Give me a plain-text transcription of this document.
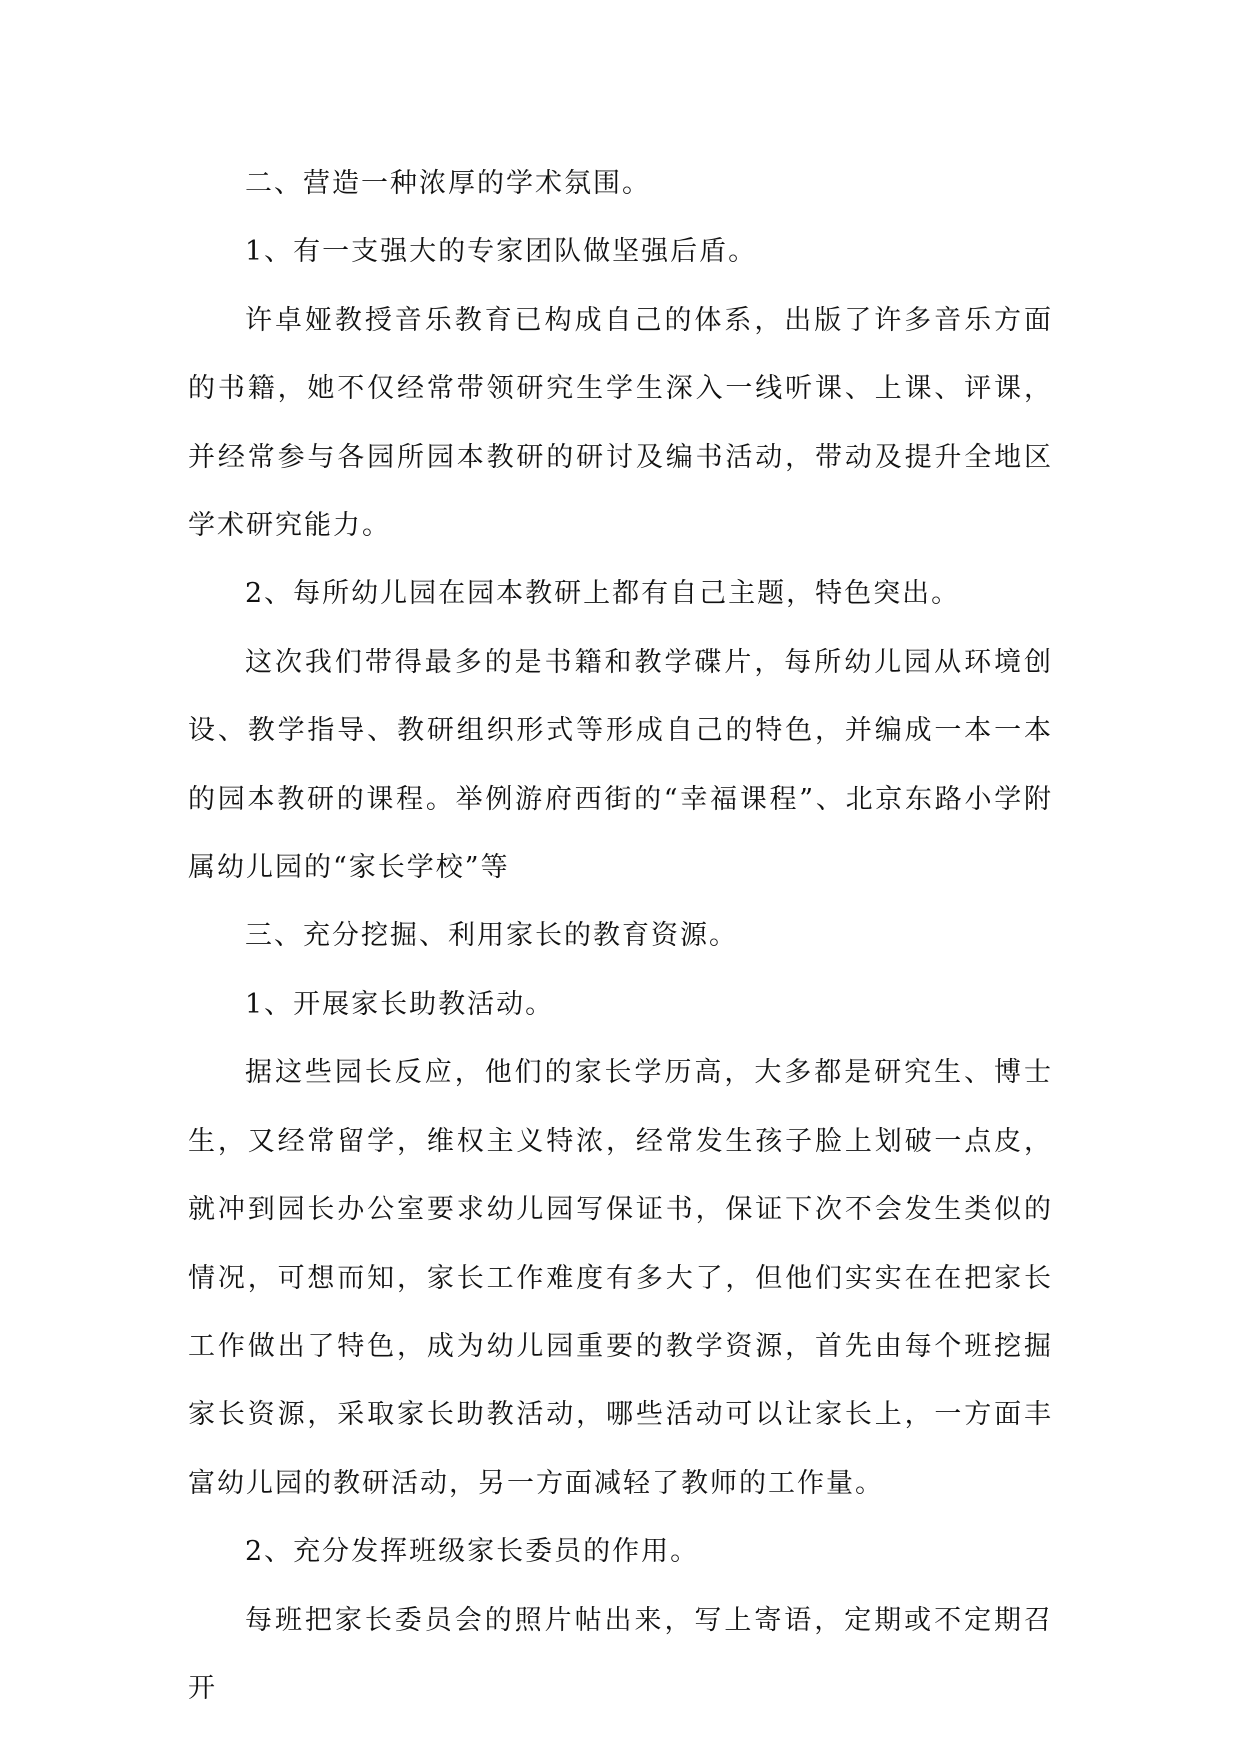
二、营造一种浓厚的学术氛围。

1、有一支强大的专家团队做坚强后盾。

许卓娅教授音乐教育已构成自己的体系，出版了许多音乐方面的书籍，她不仅经常带领研究生学生深入一线听课、上课、评课，并经常参与各园所园本教研的研讨及编书活动，带动及提升全地区学术研究能力。

2、每所幼儿园在园本教研上都有自己主题，特色突出。

这次我们带得最多的是书籍和教学碟片，每所幼儿园从环境创设、教学指导、教研组织形式等形成自己的特色，并编成一本一本的园本教研的课程。举例游府西街的“幸福课程”、北京东路小学附属幼儿园的“家长学校”等

三、充分挖掘、利用家长的教育资源。

1、开展家长助教活动。

据这些园长反应，他们的家长学历高，大多都是研究生、博士生，又经常留学，维权主义特浓，经常发生孩子脸上划破一点皮，就冲到园长办公室要求幼儿园写保证书，保证下次不会发生类似的情况，可想而知，家长工作难度有多大了，但他们实实在在把家长工作做出了特色，成为幼儿园重要的教学资源，首先由每个班挖掘家长资源，采取家长助教活动，哪些活动可以让家长上，一方面丰富幼儿园的教研活动，另一方面减轻了教师的工作量。

2、充分发挥班级家长委员的作用。

每班把家长委员会的照片帖出来，写上寄语，定期或不定期召开
